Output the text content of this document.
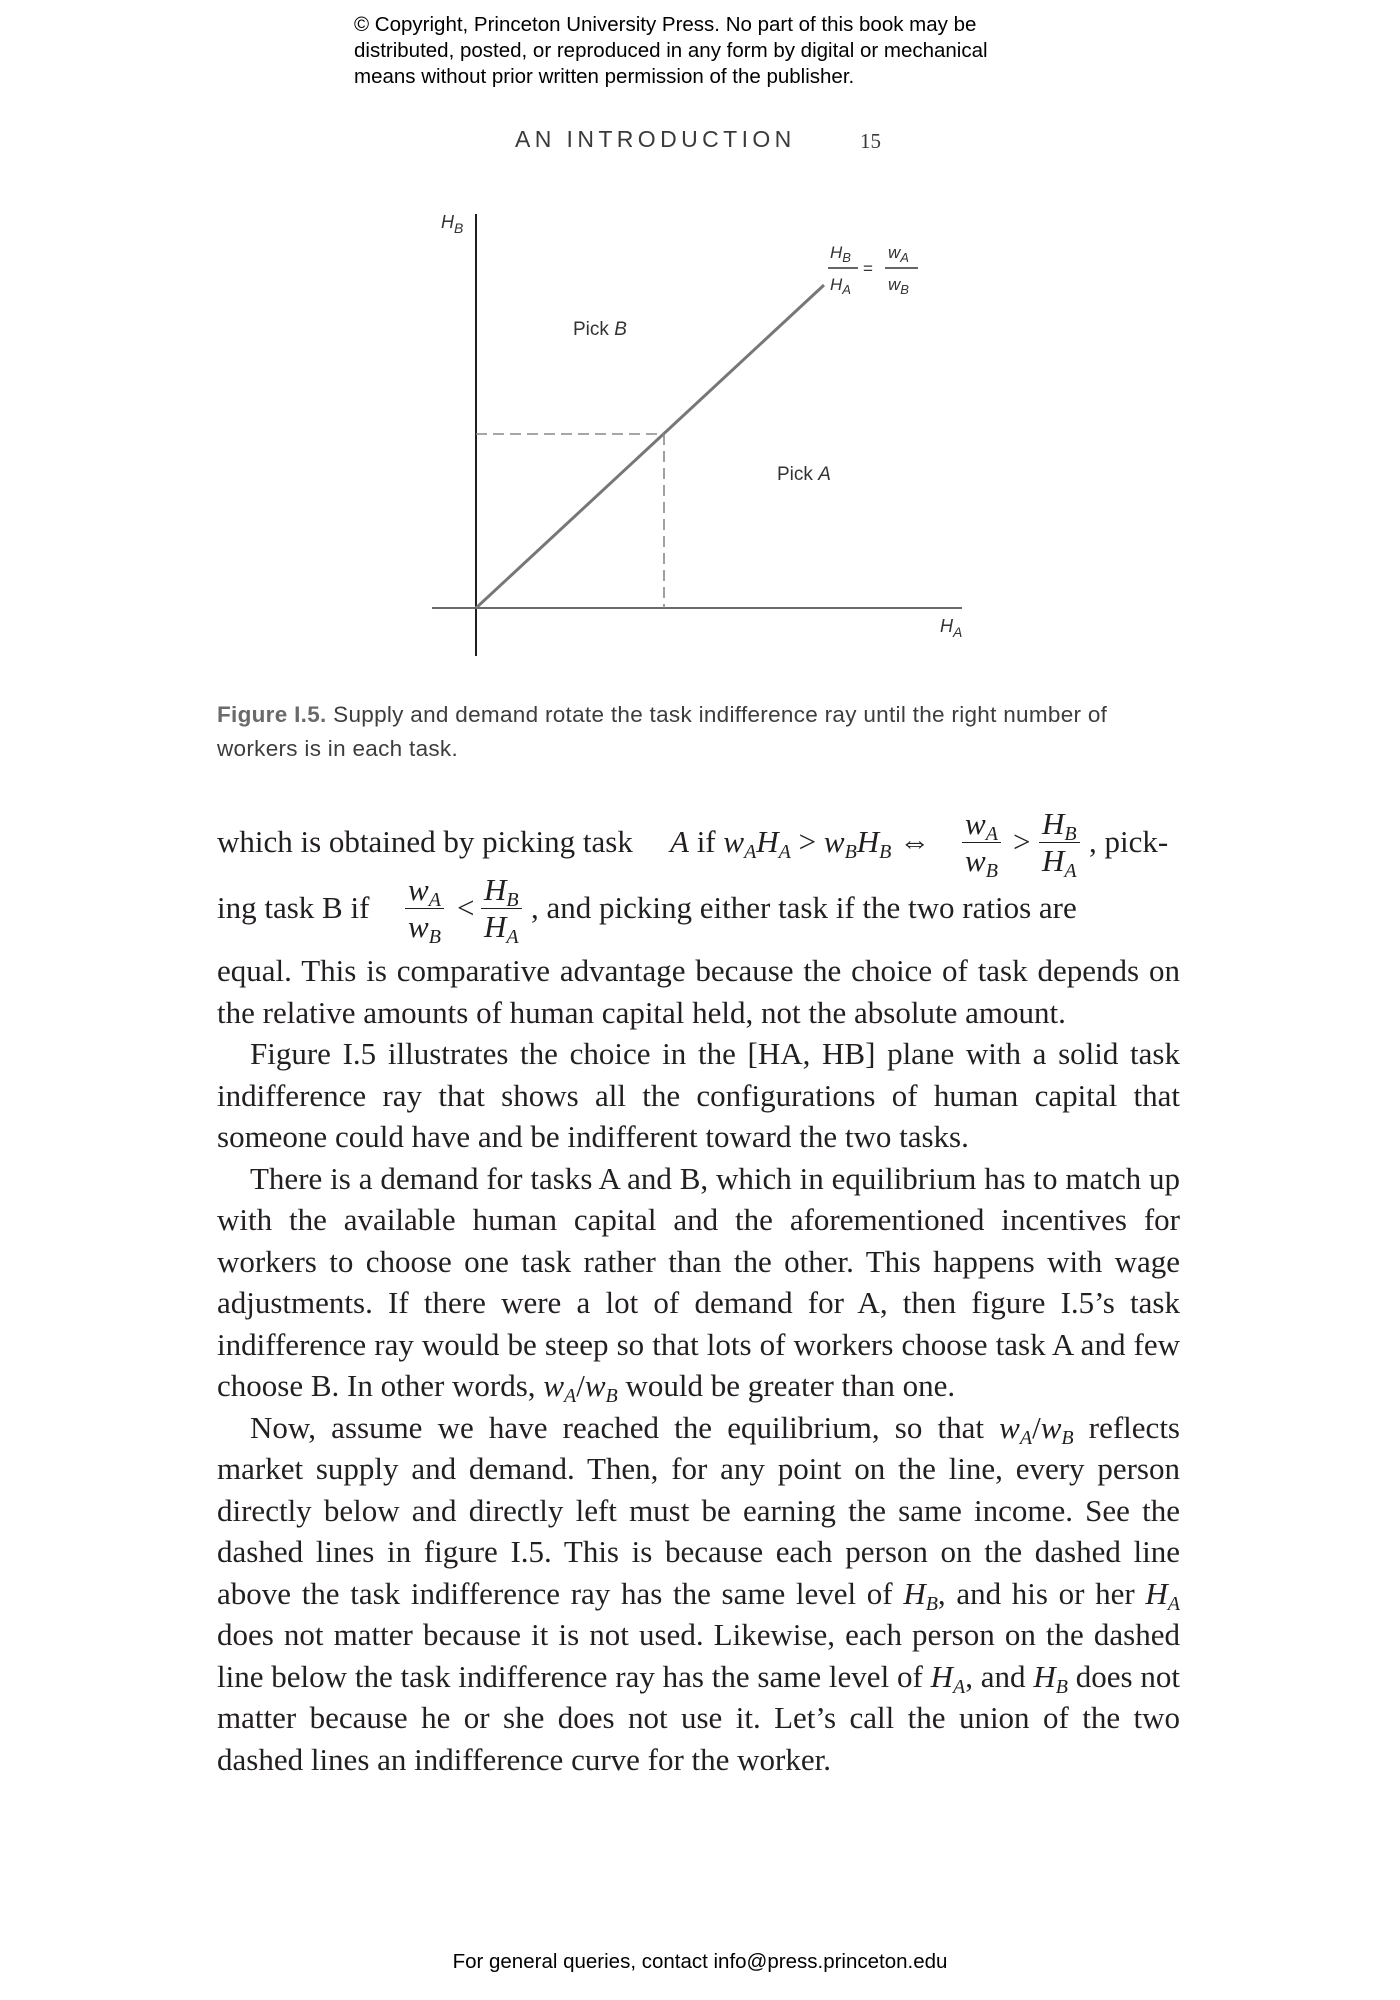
© Copyright, Princeton University Press. No part of this book may be
distributed, posted, or reproduced in any form by digital or mechanical
means without prior written permission of the publisher.
AN INTRODUCTION	15
$H_B$
$H_A$
Pick B
Pick A
$H_B$
$H_A$
=
$w_A$
$w_B$
Figure I.5. Supply and demand rotate the task indifference ray until the right number of workers is in each task.
which is obtained by picking task A if $w_AH_A > w_BH_B$ ⇔ $\frac{w_A}{w_B} > \frac{H_B}{H_A}$ , pick-
ing task B if $\frac{w_A}{w_B} < \frac{H_B}{H_A}$ , and picking either task if the two ratios are

equal. This is comparative advantage because the choice of task depends on the relative amounts of human capital held, not the absolute amount.

Figure I.5 illustrates the choice in the [HA, HB] plane with a solid task indifference ray that shows all the configurations of human capital that someone could have and be indifferent toward the two tasks.

There is a demand for tasks A and B, which in equilibrium has to match up with the available human capital and the aforementioned incentives for workers to choose one task rather than the other. This happens with wage adjustments. If there were a lot of demand for A, then figure I.5’s task indifference ray would be steep so that lots of workers choose task A and few choose B. In other words, $w_A/w_B$ would be greater than one.

Now, assume we have reached the equilibrium, so that $w_A/w_B$ reflects market supply and demand. Then, for any point on the line, every person directly below and directly left must be earning the same income. See the dashed lines in figure I.5. This is because each person on the dashed line above the task indifference ray has the same level of $H_B$, and his or her $H_A$ does not matter because it is not used. Likewise, each person on the dashed line below the task indifference ray has the same level of $H_A$, and $H_B$ does not matter because he or she does not use it. Let’s call the union of the two dashed lines an indifference curve for the worker.

For general queries, contact info@press.princeton.edu
